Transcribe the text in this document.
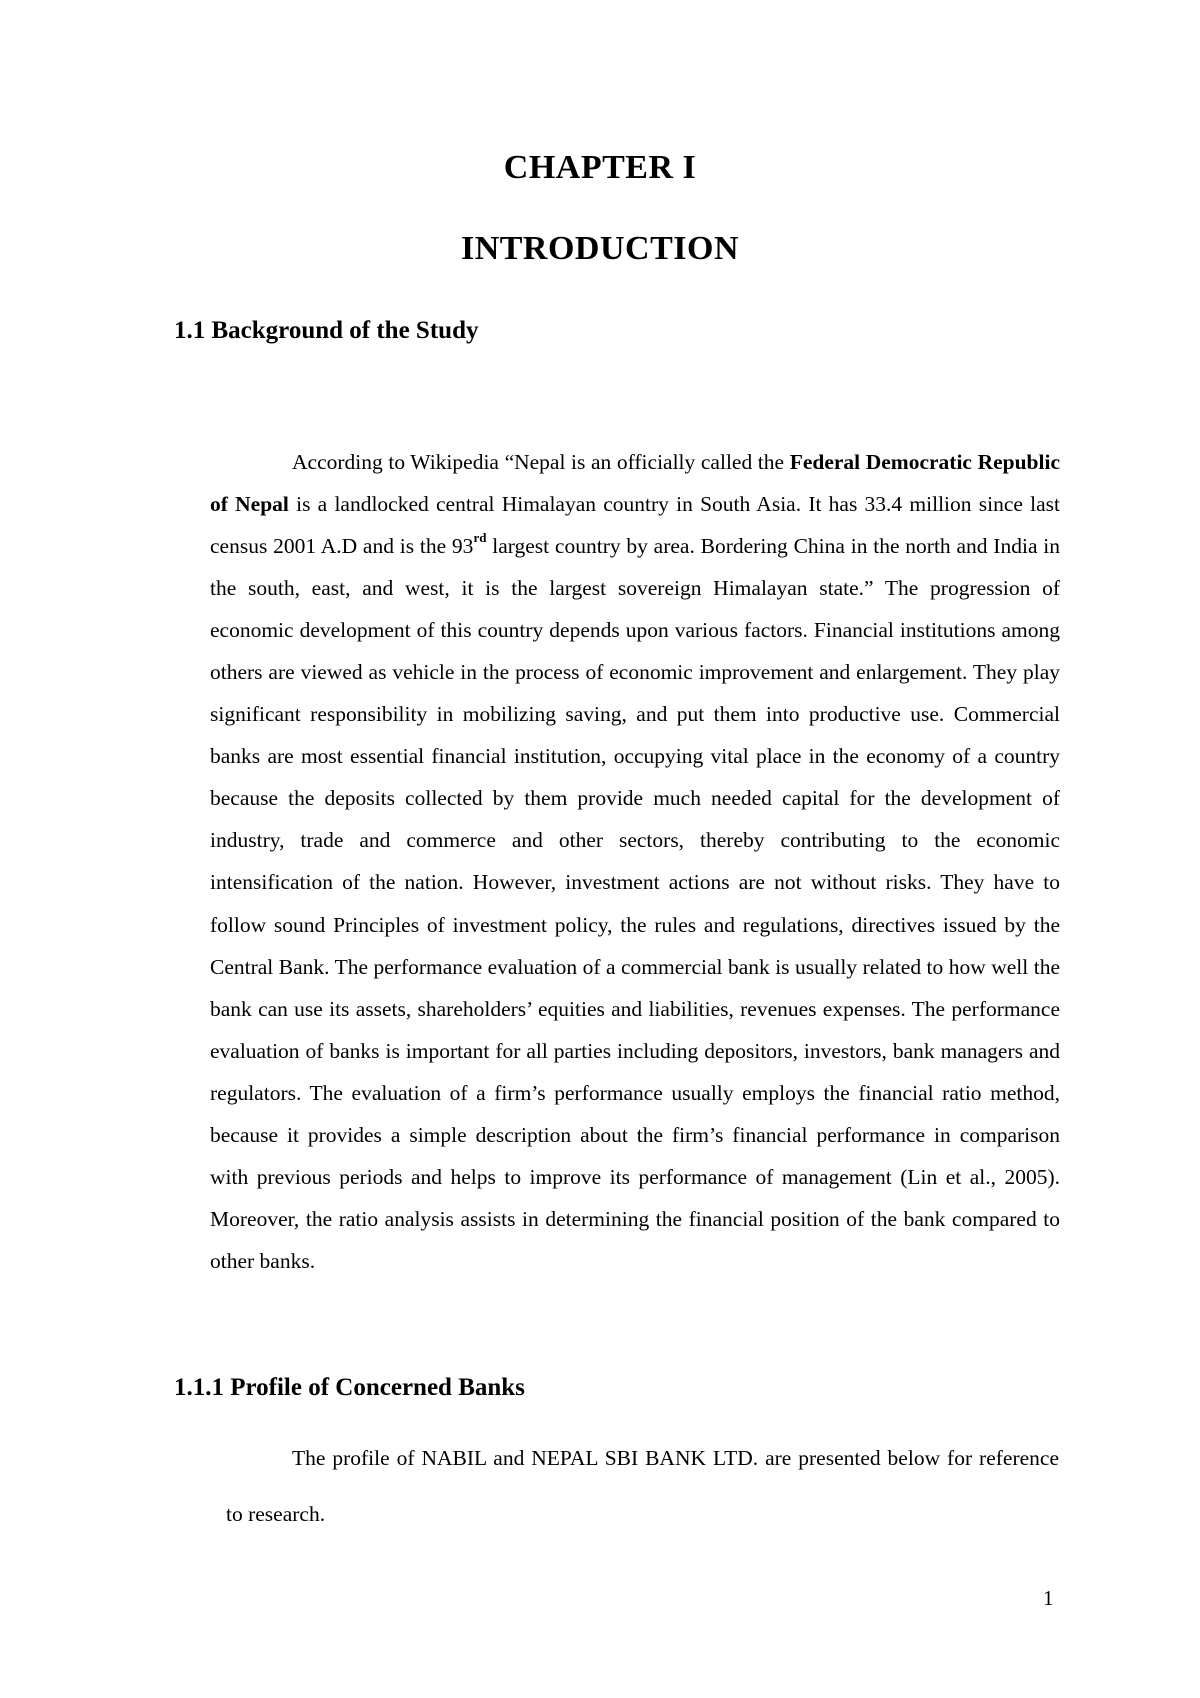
CHAPTER I
INTRODUCTION
1.1 Background of the Study

According to Wikipedia “Nepal is an officially called the Federal Democratic Republic of Nepal is a landlocked central Himalayan country in South Asia. It has 33.4 million since last census 2001 A.D and is the 93rd largest country by area. Bordering China in the north and India in the south, east, and west, it is the largest sovereign Himalayan state.” The progression of economic development of this country depends upon various factors. Financial institutions among others are viewed as vehicle in the process of economic improvement and enlargement. They play significant responsibility in mobilizing saving, and put them into productive use. Commercial banks are most essential financial institution, occupying vital place in the economy of a country because the deposits collected by them provide much needed capital for the development of industry, trade and commerce and other sectors, thereby contributing to the economic intensification of the nation. However, investment actions are not without risks. They have to follow sound Principles of investment policy, the rules and regulations, directives issued by the Central Bank. The performance evaluation of a commercial bank is usually related to how well the bank can use its assets, shareholders’ equities and liabilities, revenues expenses. The performance evaluation of banks is important for all parties including depositors, investors, bank managers and regulators. The evaluation of a firm’s performance usually employs the financial ratio method, because it provides a simple description about the firm’s financial performance in comparison with previous periods and helps to improve its performance of management (Lin et al., 2005). Moreover, the ratio analysis assists in determining the financial position of the bank compared to other banks.

1.1.1 Profile of Concerned Banks

The profile of NABIL and NEPAL SBI BANK LTD. are presented below for reference to research.

1
